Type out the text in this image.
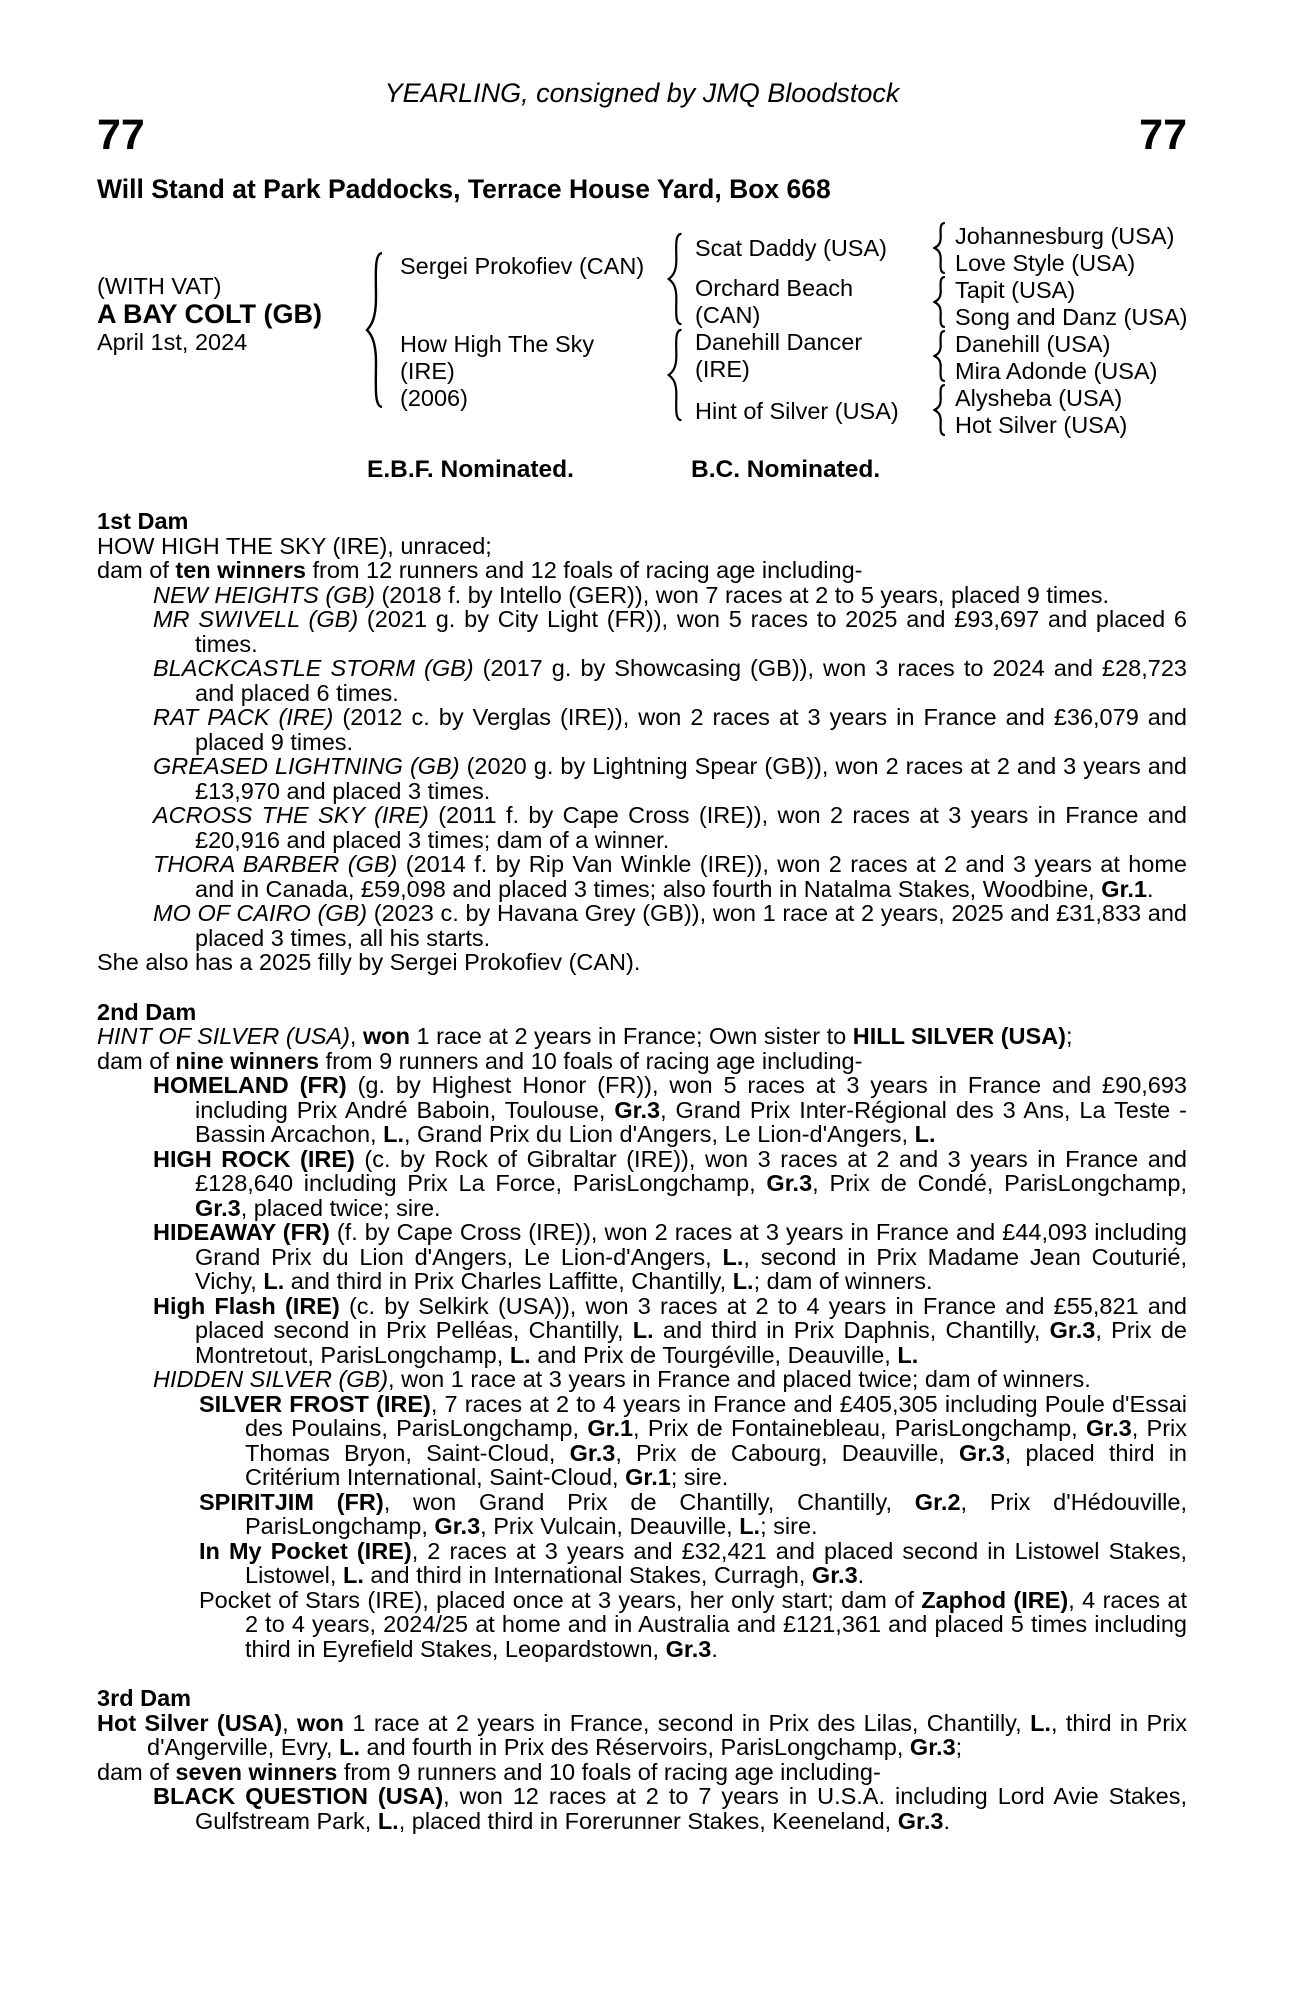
YEARLING, consigned by JMQ Bloodstock
77	77
Will Stand at Park Paddocks, Terrace House Yard, Box 668
(WITH VAT)
A BAY COLT (GB)
April 1st, 2024
Sergei Prokofiev (CAN)
How High The Sky
(IRE)
(2006)
Scat Daddy (USA)
Orchard Beach
(CAN)
Danehill Dancer
(IRE)
Hint of Silver (USA)
Johannesburg (USA)
Love Style (USA)
Tapit (USA)
Song and Danz (USA)
Danehill (USA)
Mira Adonde (USA)
Alysheba (USA)
Hot Silver (USA)
E.B.F. Nominated.	B.C. Nominated.
1st Dam

HOW HIGH THE SKY (IRE), unraced;

dam of ten winners from 12 runners and 12 foals of racing age including-

NEW HEIGHTS (GB) (2018 f. by Intello (GER)), won 7 races at 2 to 5 years, placed 9 times.

MR SWIVELL (GB) (2021 g. by City Light (FR)), won 5 races to 2025 and £93,697 and placed 6 times.

BLACKCASTLE STORM (GB) (2017 g. by Showcasing (GB)), won 3 races to 2024 and £28,723 and placed 6 times.

RAT PACK (IRE) (2012 c. by Verglas (IRE)), won 2 races at 3 years in France and £36,079 and placed 9 times.

GREASED LIGHTNING (GB) (2020 g. by Lightning Spear (GB)), won 2 races at 2 and 3 years and £13,970 and placed 3 times.

ACROSS THE SKY (IRE) (2011 f. by Cape Cross (IRE)), won 2 races at 3 years in France and £20,916 and placed 3 times; dam of a winner.

THORA BARBER (GB) (2014 f. by Rip Van Winkle (IRE)), won 2 races at 2 and 3 years at home and in Canada, £59,098 and placed 3 times; also fourth in Natalma Stakes, Woodbine, Gr.1.

MO OF CAIRO (GB) (2023 c. by Havana Grey (GB)), won 1 race at 2 years, 2025 and £31,833 and placed 3 times, all his starts.

She also has a 2025 filly by Sergei Prokofiev (CAN).

2nd Dam

HINT OF SILVER (USA), won 1 race at 2 years in France; Own sister to HILL SILVER (USA);

dam of nine winners from 9 runners and 10 foals of racing age including-

HOMELAND (FR) (g. by Highest Honor (FR)), won 5 races at 3 years in France and £90,693 including Prix André Baboin, Toulouse, Gr.3, Grand Prix Inter-Régional des 3 Ans, La Teste - Bassin Arcachon, L., Grand Prix du Lion d'Angers, Le Lion-d'Angers, L.

HIGH ROCK (IRE) (c. by Rock of Gibraltar (IRE)), won 3 races at 2 and 3 years in France and £128,640 including Prix La Force, ParisLongchamp, Gr.3, Prix de Condé, ParisLongchamp, Gr.3, placed twice; sire.

HIDEAWAY (FR) (f. by Cape Cross (IRE)), won 2 races at 3 years in France and £44,093 including Grand Prix du Lion d'Angers, Le Lion-d'Angers, L., second in Prix Madame Jean Couturié, Vichy, L. and third in Prix Charles Laffitte, Chantilly, L.; dam of winners.

High Flash (IRE) (c. by Selkirk (USA)), won 3 races at 2 to 4 years in France and £55,821 and placed second in Prix Pelléas, Chantilly, L. and third in Prix Daphnis, Chantilly, Gr.3, Prix de Montretout, ParisLongchamp, L. and Prix de Tourgéville, Deauville, L.

HIDDEN SILVER (GB), won 1 race at 3 years in France and placed twice; dam of winners.

SILVER FROST (IRE), 7 races at 2 to 4 years in France and £405,305 including Poule d'Essai des Poulains, ParisLongchamp, Gr.1, Prix de Fontainebleau, ParisLongchamp, Gr.3, Prix Thomas Bryon, Saint-Cloud, Gr.3, Prix de Cabourg, Deauville, Gr.3, placed third in Critérium International, Saint-Cloud, Gr.1; sire.

SPIRITJIM (FR), won Grand Prix de Chantilly, Chantilly, Gr.2, Prix d'Hédouville, ParisLongchamp, Gr.3, Prix Vulcain, Deauville, L.; sire.

In My Pocket (IRE), 2 races at 3 years and £32,421 and placed second in Listowel Stakes, Listowel, L. and third in International Stakes, Curragh, Gr.3.

Pocket of Stars (IRE), placed once at 3 years, her only start; dam of Zaphod (IRE), 4 races at 2 to 4 years, 2024/25 at home and in Australia and £121,361 and placed 5 times including third in Eyrefield Stakes, Leopardstown, Gr.3.

3rd Dam

Hot Silver (USA), won 1 race at 2 years in France, second in Prix des Lilas, Chantilly, L., third in Prix d'Angerville, Evry, L. and fourth in Prix des Réservoirs, ParisLongchamp, Gr.3;

dam of seven winners from 9 runners and 10 foals of racing age including-

BLACK QUESTION (USA), won 12 races at 2 to 7 years in U.S.A. including Lord Avie Stakes, Gulfstream Park, L., placed third in Forerunner Stakes, Keeneland, Gr.3.
